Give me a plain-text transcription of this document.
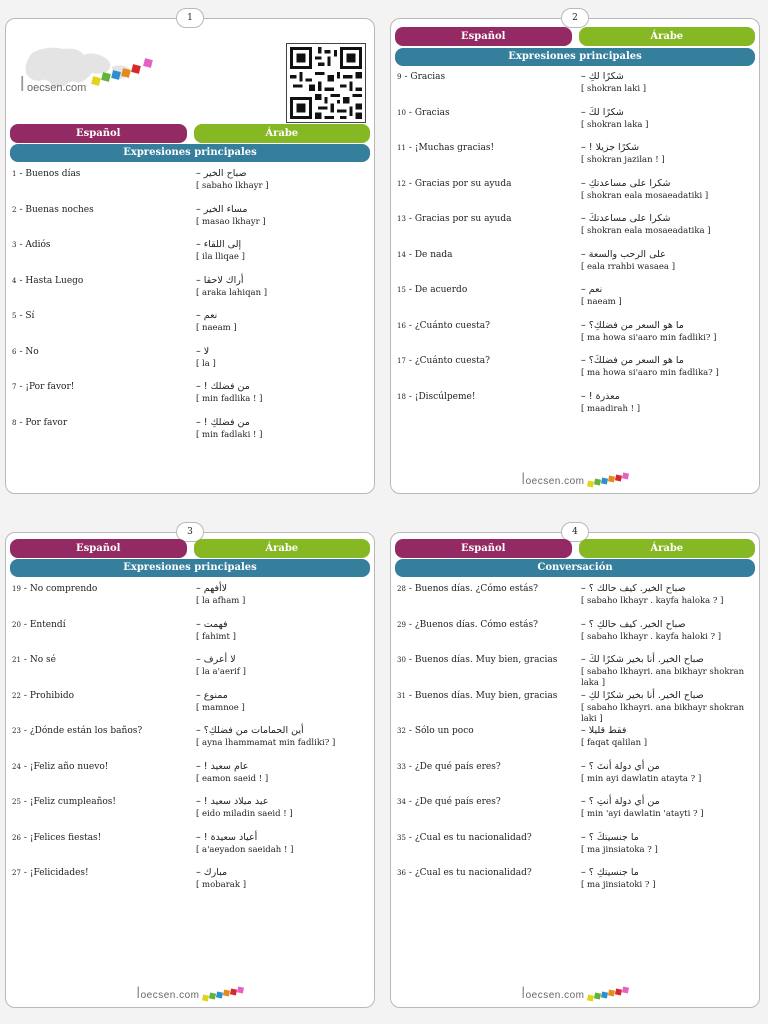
1
l oecsen.com
Español	Árabe
Expresiones principales
1 - Buenos días	– صباح الخير
[ sabaho lkhayr ]
2 - Buenas noches	– مساء الخير
[ masao lkhayr ]
3 - Adiós	– إلى اللقاء
[ ila lliqae ]
4 - Hasta Luego	– أراك لاحقا
[ araka lahiqan ]
5 - Sí	– نعم
[ naeam ]
6 - No	– لا
[ la ]
7 - ¡Por favor!	– من فضلك !
[ min fadlika ! ]
8 - Por favor	– من فضلكِ !
[ min fadlaki ! ]
2
Español	Árabe
Expresiones principales
9 - Gracias	– شكرًا لكِ
[ shokran laki ]
10 - Gracias	– شكرًا لكَ
[ shokran laka ]
11 - ¡Muchas gracias!	– شكرًا جزيلا !
[ shokran jazilan ! ]
12 - Gracias por su ayuda	– شكرا على مساعدتكِ
[ shokran eala mosaeadatiki ]
13 - Gracias por su ayuda	– شكرا على مساعدتكَ
[ shokran eala mosaeadatika ]
14 - De nada	– على الرحب والسعة
[ eala rrahbi wasaea ]
15 - De acuerdo	– نعم
[ naeam ]
16 - ¿Cuánto cuesta?	– ما هو السعر من فضلكِ؟
[ ma howa si'aaro min fadliki? ]
17 - ¿Cuánto cuesta?	– ما هو السعر من فضلكَ؟
[ ma howa si'aaro min fadlika? ]
18 - ¡Discúlpeme!	– معذرة !
[ maadirah ! ]
loecsen.com
3
Español	Árabe
Expresiones principales
19 - No comprendo	– لاأفهم
[ la afham ]
20 - Entendí	– فهمت
[ fahimt ]
21 - No sé	– لا أعرف
[ la a'aerif ]
22 - Prohibido	– ممنوع
[ mamnoe ]
23 - ¿Dónde están los baños?	– أين الحمامات من فضلكِ؟
[ ayna lhammamat min fadliki? ]
24 - ¡Feliz año nuevo!	– عام سعيد !
[ eamon saeid ! ]
25 - ¡Feliz cumpleaños!	– عيد ميلاد سعيد !
[ eido miladin saeid ! ]
26 - ¡Felices fiestas!	– أعياد سعيدة !
[ a'aeyadon saeidah ! ]
27 - ¡Felicidades!	– مبارك
[ mobarak ]
loecsen.com
4
Español	Árabe
Conversación
28 - Buenos días. ¿Cómo estás?	– صباح الخير. كيف حالك ؟
[ sabaho lkhayr . kayfa haloka ? ]
29 - ¿Buenos días. Cómo estás?	– صباح الخير. كيف حالكِ ؟
[ sabaho lkhayr . kayfa haloki ? ]
30 - Buenos días. Muy bien, gracias	– صباح الخير. أنا بخير شكرًا لكَ
[ sabaho lkhayri. ana bikhayr shokran laka ]
31 - Buenos días. Muy bien, gracias	– صباح الخير. أنا بخير شكرًا لكِ
[ sabaho lkhayri. ana bikhayr shokran laki ]
32 - Sólo un poco	– فقط قليلا
[ faqat qalilan ]
33 - ¿De qué país eres?	– من أي دولة أنتَ ؟
[ min ayi dawlatin atayta ? ]
34 - ¿De qué país eres?	– من أي دولة أنتِ ؟
[ min 'ayi dawlatin 'atayti ? ]
35 - ¿Cual es tu nacionalidad?	– ما جنسيتكَ ؟
[ ma jinsiatoka ? ]
36 - ¿Cual es tu nacionalidad?	– ما جنسيتكِ ؟
[ ma jinsiatoki ? ]
loecsen.com
